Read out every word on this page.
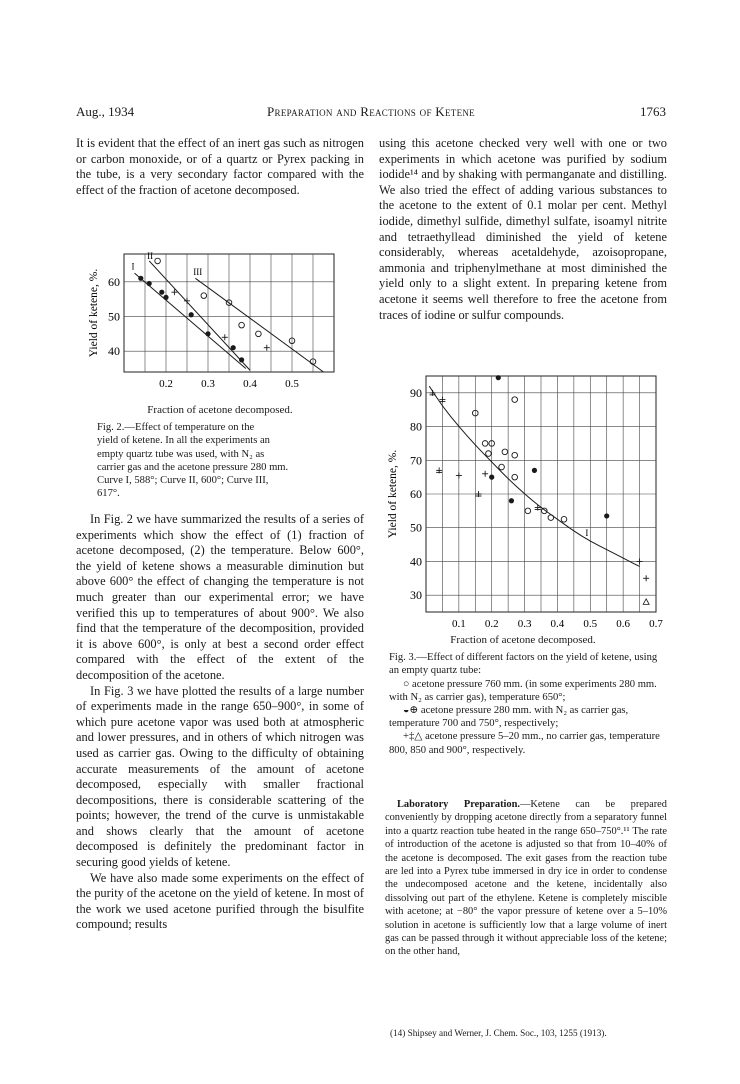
Aug., 1934	Preparation and Reactions of Ketene	1763

It is evident that the effect of an inert gas such as nitrogen or carbon monoxide, or of a quartz or Pyrex packing in the tube, is a very secondary factor compared with the effect of the fraction of acetone decomposed.

Yield of ketene, %. 40
50
60
0.2	0.3	0.4	0.5
I
II
III

Fraction of acetone decomposed.

Fig. 2.—Effect of temperature on the

yield of ketene. In all the experiments an

empty quartz tube was used, with N₂ as

carrier gas and the acetone pressure 280 mm.

Curve I, 588°; Curve II, 600°; Curve III,

617°.

In Fig. 2 we have summarized the results of a series of experiments which show the effect of (1) fraction of acetone decomposed, (2) the temperature. Below 600°, the yield of ketene shows a measurable diminution but above 600° the effect of changing the temperature is not much greater than our experimental error; we have verified this up to temperatures of about 900°. We also find that the temperature of the decomposition, provided it is above 600°, is only at best a second order effect compared with the effect of the extent of the decomposition of the acetone.

In Fig. 3 we have plotted the results of a large number of experiments made in the range 650–900°, in some of which pure acetone vapor was used both at atmospheric and lower pressures, and in others of which nitrogen was used as carrier gas. Owing to the difficulty of obtaining accurate measurements of the amount of acetone decomposed, especially with smaller fractional decompositions, there is considerable scattering of the points; however, the trend of the curve is unmistakable and shows clearly that the amount of acetone decomposed is definitely the predominant factor in securing good yields of ketene.

We have also made some experiments on the effect of the purity of the acetone on the yield of ketene. In most of the work we used acetone purified through the bisulfite compound; results

using this acetone checked very well with one or two experiments in which acetone was purified by sodium iodide¹⁴ and by shaking with permanganate and distilling. We also tried the effect of adding various substances to the acetone to the extent of 0.1 molar per cent. Methyl iodide, dimethyl sulfide, dimethyl sulfate, isoamyl nitrite and tetraethyllead diminished the yield of ketene considerably, whereas acetaldehyde, azoisopropane, ammonia and triphenylmethane at most diminished the yield only to a slight extent. In preparing ketene from acetone it seems well therefore to free the acetone from traces of iodine or sulfur compounds.

Yield of ketene, %.
30
40
50
60
70
80
90
0.1 0.2 0.3 0.4 0.5 0.6 0.7
I

Fraction of acetone decomposed.

Fig. 3.—Effect of different factors on the yield of ketene, using an empty quartz tube:

○ acetone pressure 760 mm. (in some experiments 280 mm. with N₂ as carrier gas), temperature 650°;

◒⊕ acetone pressure 280 mm. with N₂ as carrier gas, temperature 700 and 750°, respectively;

+‡△ acetone pressure 5–20 mm., no carrier gas, temperature 800, 850 and 900°, respectively.

Laboratory Preparation.—Ketene can be prepared conveniently by dropping acetone directly from a separatory funnel into a quartz reaction tube heated in the range 650–750°.¹¹ The rate of introduction of the acetone is adjusted so that from 10–40% of the acetone is decomposed. The exit gases from the reaction tube are led into a Pyrex tube immersed in dry ice in order to condense the undecomposed acetone and the ketene, incidentally also dissolving out part of the ethylene. Ketene is completely miscible with acetone; at −80° the vapor pressure of ketene over a 5–10% solution in acetone is sufficiently low that a large volume of inert gas can be passed through it without appreciable loss of the ketene; on the other hand,

(14) Shipsey and Werner, J. Chem. Soc., 103, 1255 (1913).
